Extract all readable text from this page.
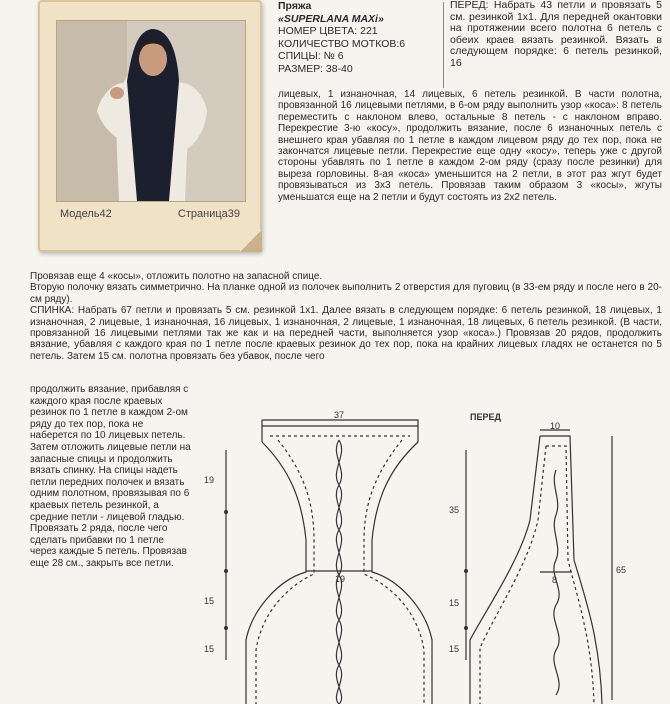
Модель42	Страница39
Пряжа
«SUPERLANA MAXi»
НОМЕР ЦВЕТА: 221
КОЛИЧЕСТВО МОТКОВ:6
СПИЦЫ: № 6
РАЗМЕР: 38-40

ПЕРЕД: Набрать 43 петли и провязать 5 см. резинкой 1х1. Для передней окантовки на протяжении всего полотна 6 петель с обеих краев вязать резинкой. Вязать в следующем порядке: 6 петель резинкой, 16

лицевых, 1 изнаночная, 14 лицевых, 6 петель резинкой. В части полотна, провязанной 16 лицевыми петлями, в 6-ом ряду выполнить узор «коса»: 8 петель переместить с наклоном влево, остальные 8 петель - с наклоном вправо. Перекрестие 3-ю «косу», продолжить вязание, после 6 изнаночных петель с внешнего края убавляя по 1 петле в каждом лицевом ряду до тех пор, пока не закончатся лицевые петли. Перекрестие еще одну «косу», теперь уже с другой стороны убавлять по 1 петле в каждом 2-ом ряду (сразу после резинки) для выреза горловины. 8-ая «коса» уменьшится на 2 петли, в этот раз жгут будет провязываться из 3х3 петель. Провязав таким образом 3 «косы», жгуты уменьшатся еще на 2 петли и будут состоять из 2х2 петель.

Провязав еще 4 «косы», отложить полотно на запасной спице.

Вторую полочку вязать симметрично. На планке одной из полочек выполнить 2 отверстия для пуговиц (в 33-ем ряду и после него в 20-см ряду).

СПИНКА: Набрать 67 петли и провязать 5 см. резинкой 1х1. Далее вязать в следующем порядке: 6 петель резинкой, 18 лицевых, 1 изнаночная, 2 лицевые, 1 изнаночная, 16 лицевых, 1 изнаночная, 2 лицевые, 1 изнаночная, 18 лицевых, 6 петель резинкой. (В части, провязанной 16 лицевыми петлями так же как и на передней части, выполняется узор «коса».) Провязав 20 рядов, продолжить вязание, убавляя с каждого края по 1 петле после краевых резинок до тех пор, пока на крайних лицевых гладях не останется по 5 петель. Затем 15 см. полотна провязать без убавок, после чего

продолжить вязание, прибавляя с каждого края после краевых резинок по 1 петле в каждом 2-ом ряду до тех пор, пока не наберется по 10 лицевых петель. Затем отложить лицевые петли на запасные спицы и продолжить вязать спинку. На спицы надеть петли передних полочек и вязать одним полотном, провязывая по 6 краевых петель резинкой, а средние петли - лицевой гладью. Провязать 2 ряда, после чего сделать прибавки по 1 петле через каждые 5 петель. Провязав еще 28 см., закрыть все петли.

37
19
19
15
15
ПЕРЕД
10
8
35
15
15
65
